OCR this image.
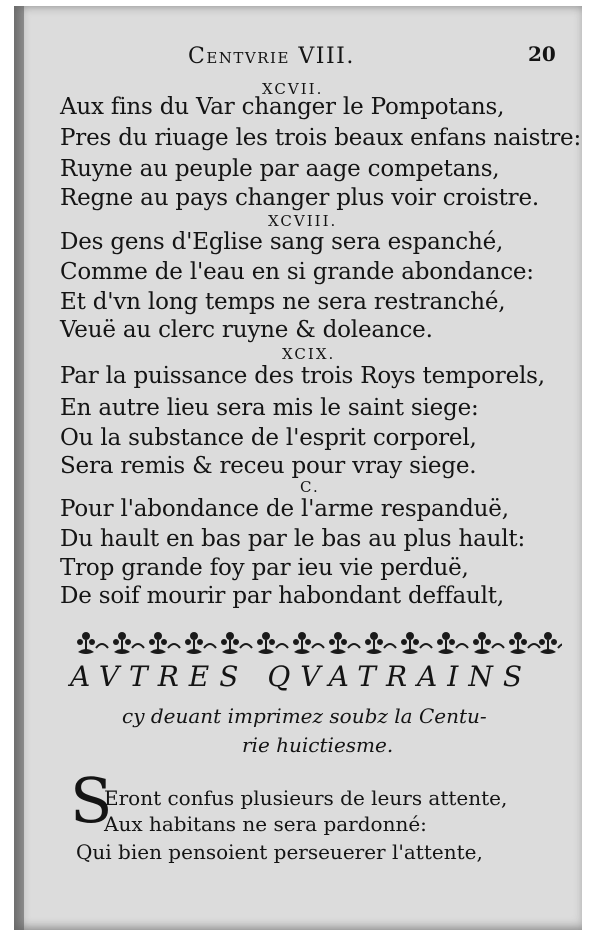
Centvrie VIII.	20
XCVII.
Aux fins du Var changer le Pompotans,
Pres du riuage les trois beaux enfans naistre:
Ruyne au peuple par aage competans,
Regne au pays changer plus voir croistre.
XCVIII.
Des gens d'Eglise sang sera espanché,
Comme de l'eau en si grande abondance:
Et d'vn long temps ne sera restranché,
Veuë au clerc ruyne & doleance.
XCIX.
Par la puissance des trois Roys temporels,
En autre lieu sera mis le saint siege:
Ou la substance de l'esprit corporel,
Sera remis & receu pour vray siege.
C.
Pour l'abondance de l'arme respanduë,
Du hault en bas par le bas au plus hault:
Trop grande foy par ieu vie perduë,
De soif mourir par habondant deffault,
AVTRES QVATRAINS
cy deuant imprimez soubz la Centu-
rie huictiesme.
S
Eront confus plusieurs de leurs attente,
Aux habitans ne sera pardonné:
Qui bien pensoient perseuerer l'attente,
